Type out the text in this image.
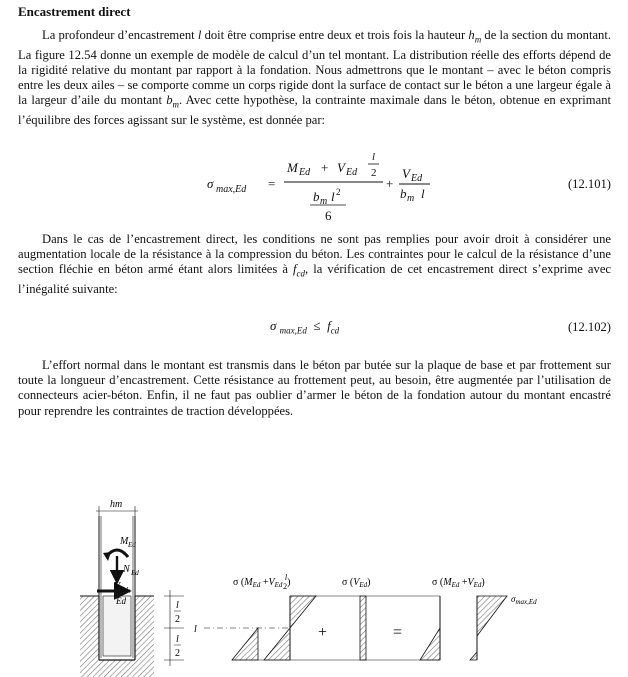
Encastrement direct

La profondeur d’encastrement l doit être comprise entre deux et trois fois la hauteur $h_m$ de la section du montant. La figure 12.54 donne un exemple de modèle de calcul d’un tel montant. La distribution réelle des efforts dépend de la rigidité relative du montant par rapport à la fondation. Nous admettrons que le montant – avec le béton compris entre les deux ailes – se comporte comme un corps rigide dont la surface de contact sur le béton a une largeur égale à la largeur d’aile du montant $b_m$. Avec cette hypothèse, la contrainte maximale dans le béton, obtenue en exprimant l’équilibre des forces agissant sur le système, est donnée par:

σ max,Ed =
M Ed + V Ed
l
2
b m l 2
6
+
V Ed
b m l
(12.101)

Dans le cas de l’encastrement direct, les conditions ne sont pas remplies pour avoir droit à considérer une augmentation locale de la résistance à la compression du béton. Les contraintes pour le calcul de la résistance d’une section fléchie en béton armé étant alors limitées à $f_{cd}$, la vérification de cet encastrement direct s’exprime avec l’inégalité suivante:

σ $_{max,Ed} \le f_{cd}$	(12.102)

L’effort normal dans le montant est transmis dans le béton par butée sur la plaque de base et par frottement sur toute la longueur d’encastrement. Cette résistance au frottement peut, au besoin, être augmentée par l’utilisation de connecteurs acier-béton. Enfin, il ne faut pas oublier d’armer le béton de la fondation autour du montant encastré pour reprendre les contraintes de traction développées.

hm
M Ed
N Ed
V Ed
Ed	l
2
l
2
l
σ ($M_{Ed} +V_{Ed}$ $^l$ 2)
+
σ $(V_{Ed})$
=
σ $(M_{Ed} +V_{Ed})$
$\sigma_{max,Ed}$
